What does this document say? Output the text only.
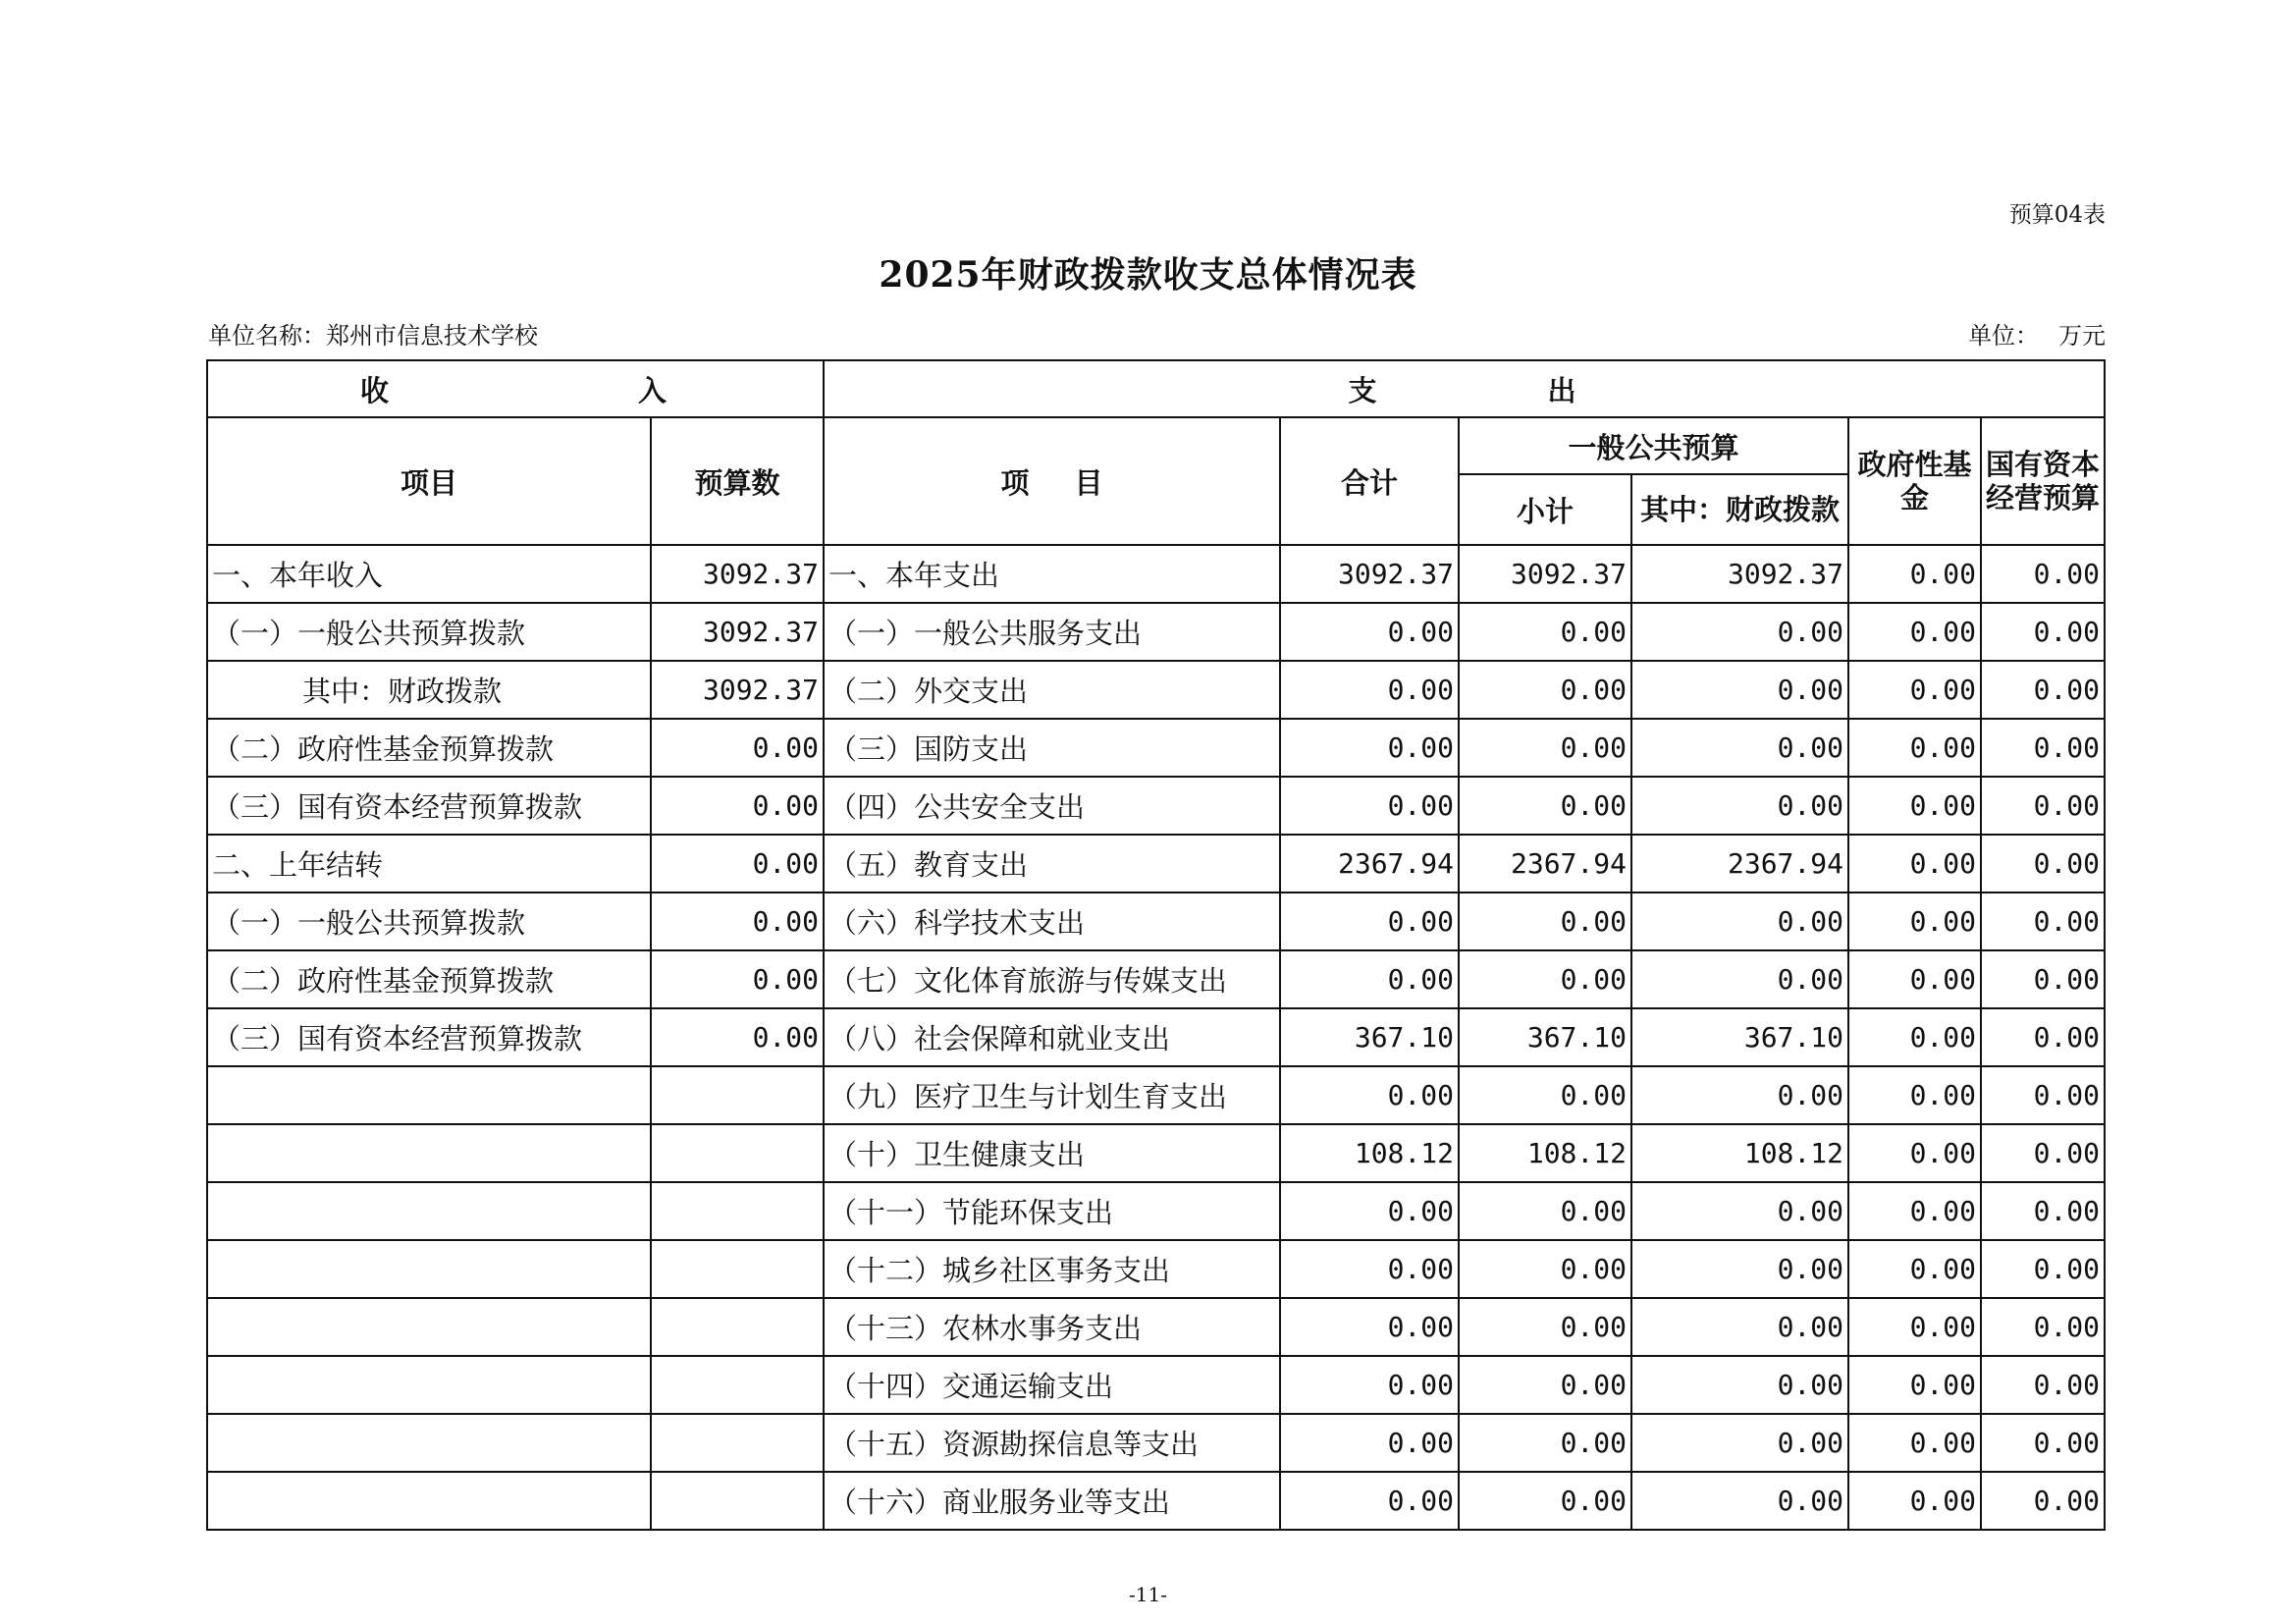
预算04表
2025年财政拨款收支总体情况表
单位名称：郑州市信息技术学校	单位： 万元
收 入		支 出					
项目	预算数	项 目	合计	一般公共预算		政府性基金	国有资本经营预算
				小计	其中：财政拨款		
一、本年收入	3092.37	一、本年支出	3092.37	3092.37	3092.37	0.00	0.00
（一）一般公共预算拨款	3092.37	（一）一般公共服务支出	0.00	0.00	0.00	0.00	0.00
其中：财政拨款	3092.37	（二）外交支出	0.00	0.00	0.00	0.00	0.00
（二）政府性基金预算拨款	0.00	（三）国防支出	0.00	0.00	0.00	0.00	0.00
（三）国有资本经营预算拨款	0.00	（四）公共安全支出	0.00	0.00	0.00	0.00	0.00
二、上年结转	0.00	（五）教育支出	2367.94	2367.94	2367.94	0.00	0.00
（一）一般公共预算拨款	0.00	（六）科学技术支出	0.00	0.00	0.00	0.00	0.00
（二）政府性基金预算拨款	0.00	（七）文化体育旅游与传媒支出	0.00	0.00	0.00	0.00	0.00
（三）国有资本经营预算拨款	0.00	（八）社会保障和就业支出	367.10	367.10	367.10	0.00	0.00
		（九）医疗卫生与计划生育支出	0.00	0.00	0.00	0.00	0.00
		（十）卫生健康支出	108.12	108.12	108.12	0.00	0.00
		（十一）节能环保支出	0.00	0.00	0.00	0.00	0.00
		（十二）城乡社区事务支出	0.00	0.00	0.00	0.00	0.00
		（十三）农林水事务支出	0.00	0.00	0.00	0.00	0.00
		（十四）交通运输支出	0.00	0.00	0.00	0.00	0.00
		（十五）资源勘探信息等支出	0.00	0.00	0.00	0.00	0.00
		（十六）商业服务业等支出	0.00	0.00	0.00	0.00	0.00
-11-
